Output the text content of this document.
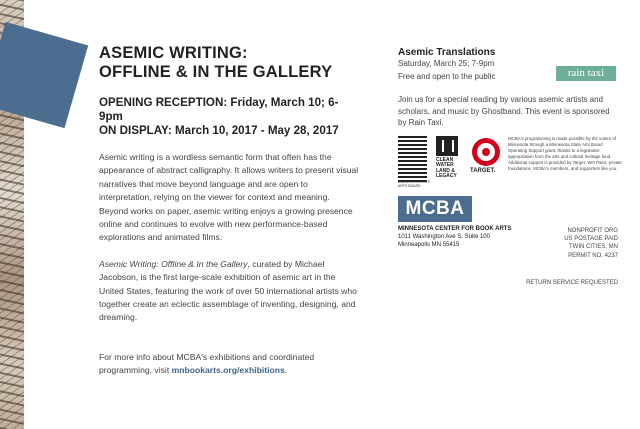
ASEMIC WRITING:
OFFLINE & IN THE GALLERY
OPENING RECEPTION: Friday, March 10; 6-9pm
ON DISPLAY: March 10, 2017 - May 28, 2017

Asemic writing is a wordless semantic form that often has the appearance of abstract calligraphy. It allows writers to present visual narratives that move beyond language and are open to interpretation, relying on the viewer for context and meaning. Beyond works on paper, asemic writing enjoys a growing presence online and continues to evolve with new performance-based explorations and animated films.

Asemic Writing: Offline & In the Gallery, curated by Michael Jacobson, is the first large-scale exhibition of asemic art in the United States, featuring the work of over 50 international artists who together create an eclectic assemblage of inventing, designing, and dreaming.

For more info about MCBA's exhibitions and coordinated programming, visit mnbookarts.org/exhibitions.
Asemic Translations
Saturday, March 25; 7-9pm
Free and open to the public	rain taxi
Join us for a special reading by various asemic artists and scholars, and music by Ghostband. This event is sponsored by Rain Taxi.
MINNESOTA STATE ARTS BOARD
CLEAN
WATER
LAND &
LEGACY
TARGET.
MCBA's programming is made possible by the voters of Minnesota through a Minnesota State Arts Board Operating Support grant, thanks to a legislative appropriation from the arts and cultural heritage fund. Additional support is provided by Target, Wet Paint, private foundations, MCBA's members, and supporters like you.
MCBA
MINNESOTA CENTER FOR BOOK ARTS
1011 Washington Ave S, Suite 100
Minneapolis MN 55415
NONPROFIT ORG
US POSTAGE PAID
TWIN CITIES, MN
PERMIT NO. 4237
RETURN SERVICE REQUESTED
